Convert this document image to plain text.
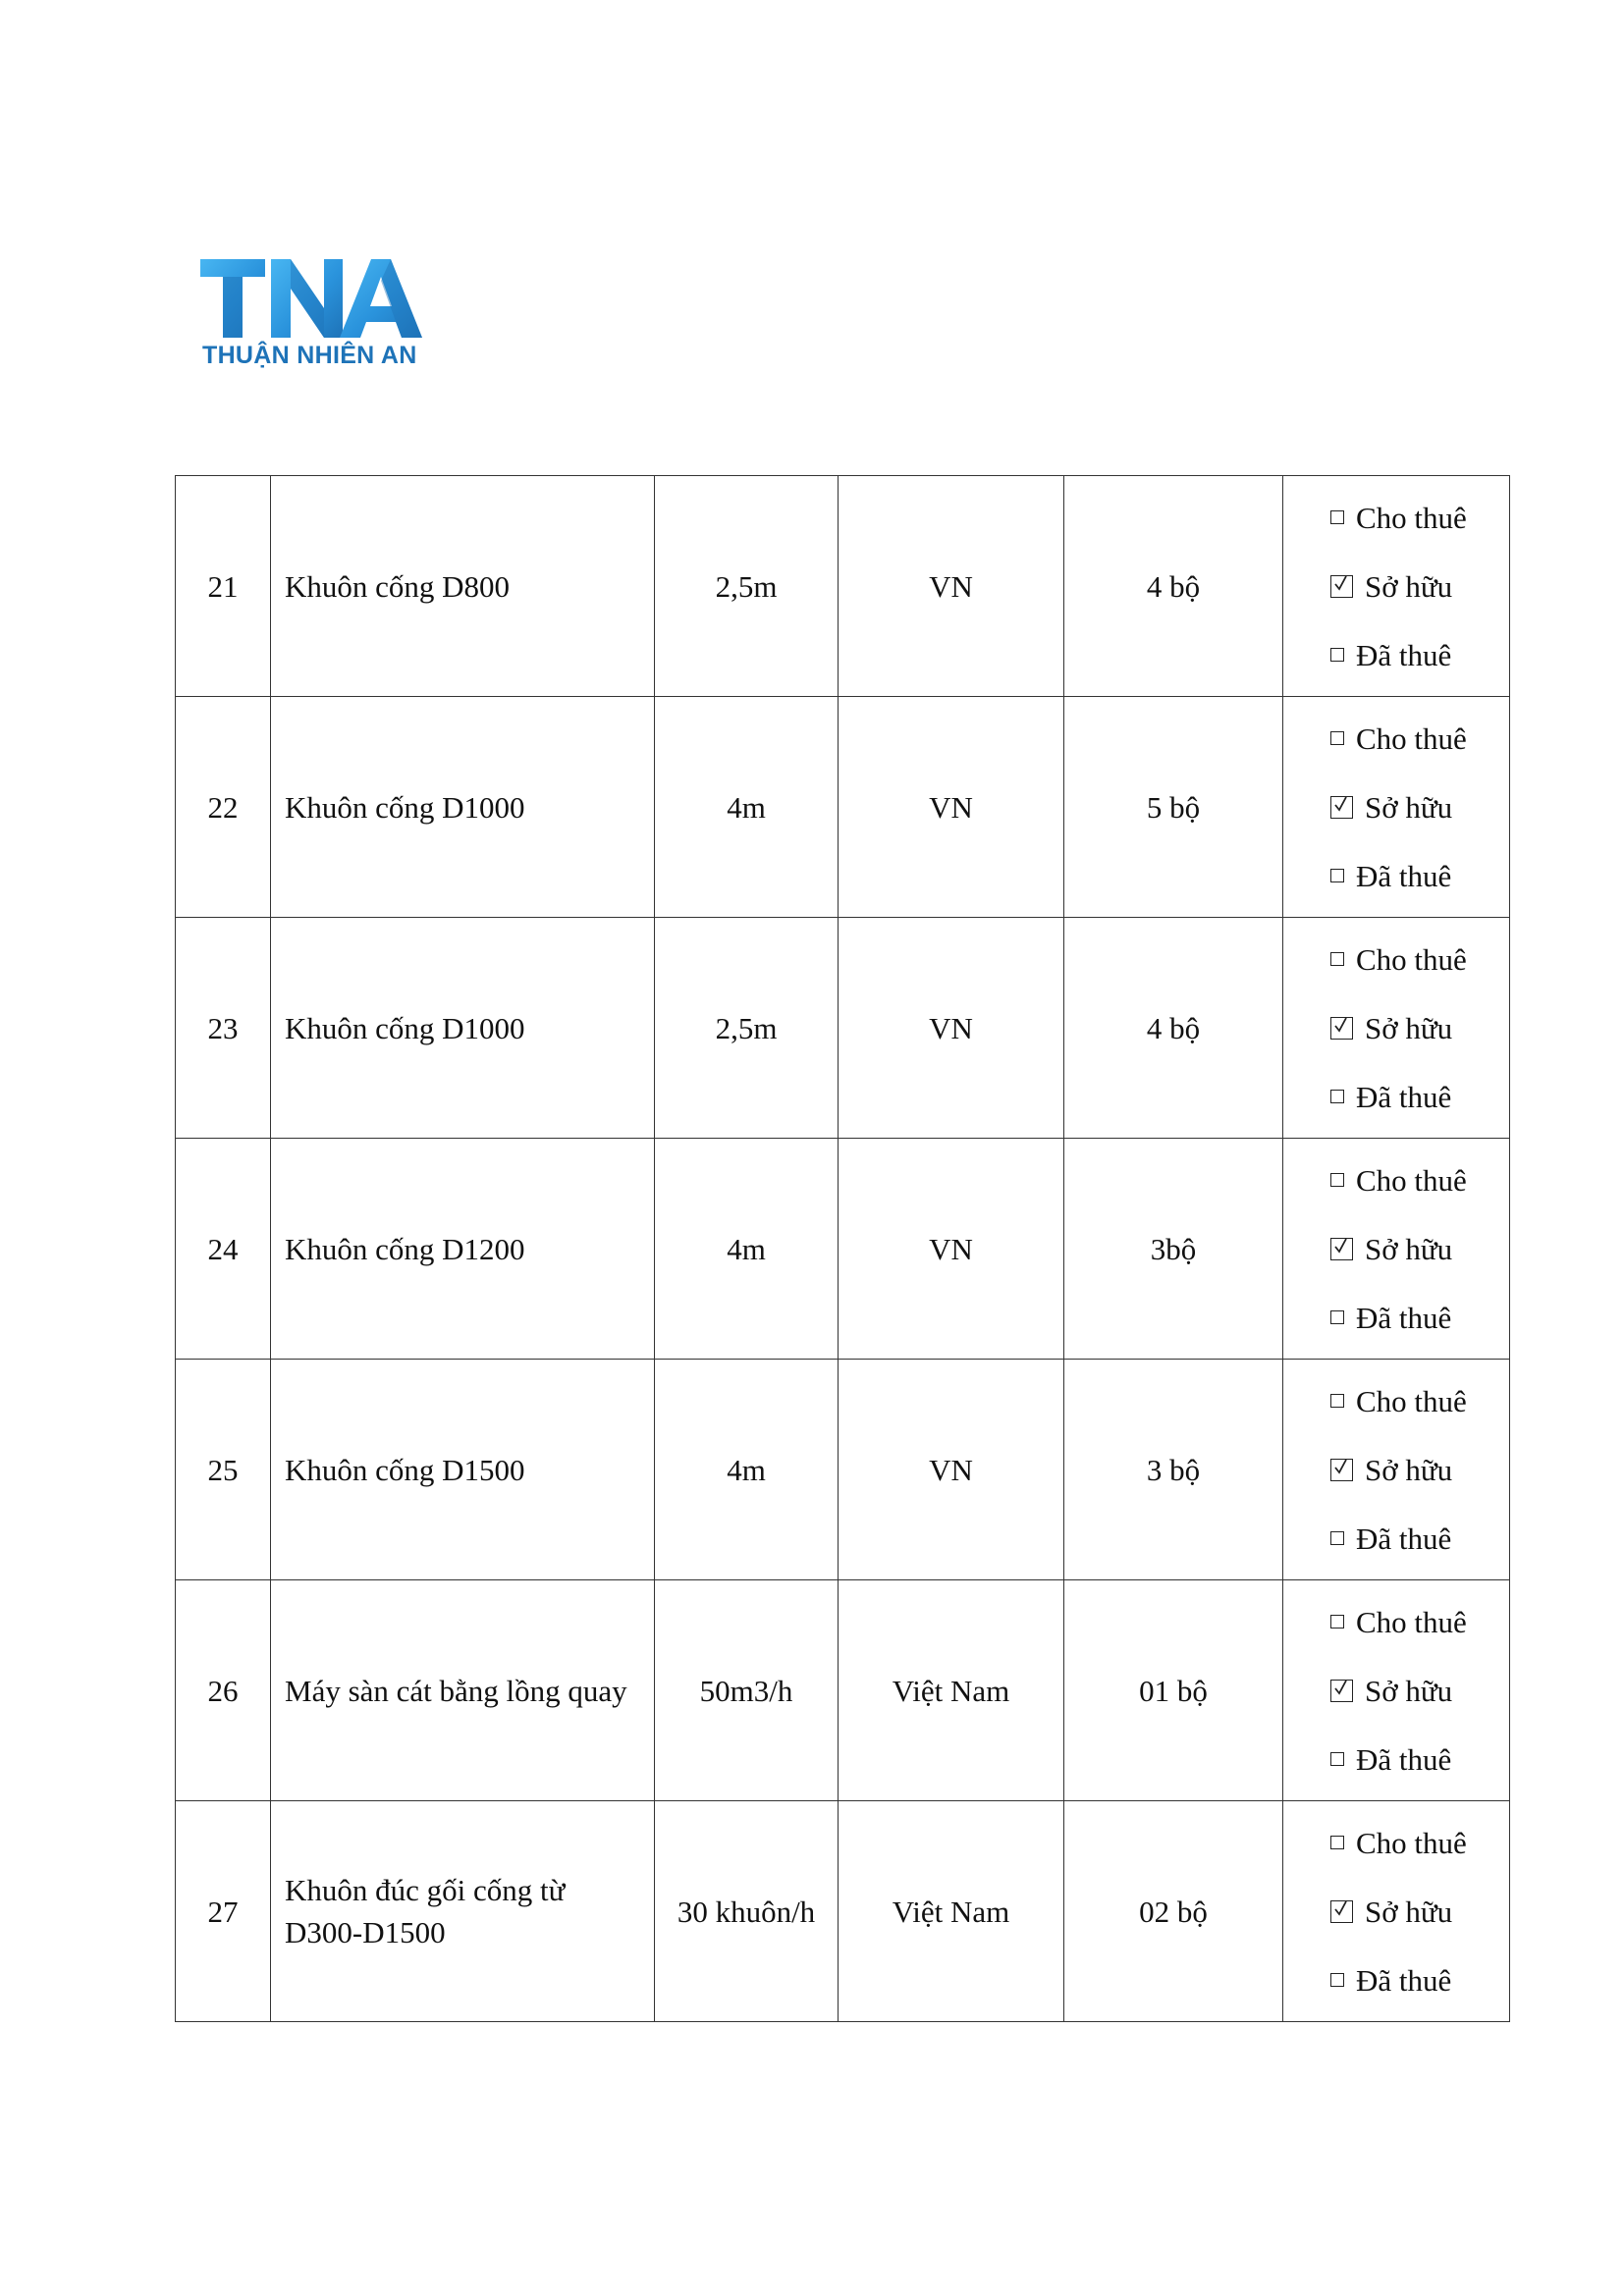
THUẬN NHIÊN AN
21	Khuôn cống D800	2,5m	VN	4 bộ	Cho thuê
Sở hữu
Đã thuê

22	Khuôn cống D1000	4m	VN	5 bộ	Cho thuê
Sở hữu
Đã thuê

23	Khuôn cống D1000	2,5m	VN	4 bộ	Cho thuê
Sở hữu
Đã thuê

24	Khuôn cống D1200	4m	VN	3bộ	Cho thuê
Sở hữu
Đã thuê

25	Khuôn cống D1500	4m	VN	3 bộ	Cho thuê
Sở hữu
Đã thuê

26	Máy sàn cát bằng lồng quay	50m3/h	Việt Nam	01 bộ	Cho thuê
Sở hữu
Đã thuê

27	Khuôn đúc gối cống từ D300-D1500	30 khuôn/h	Việt Nam	02 bộ	Cho thuê
Sở hữu
Đã thuê
